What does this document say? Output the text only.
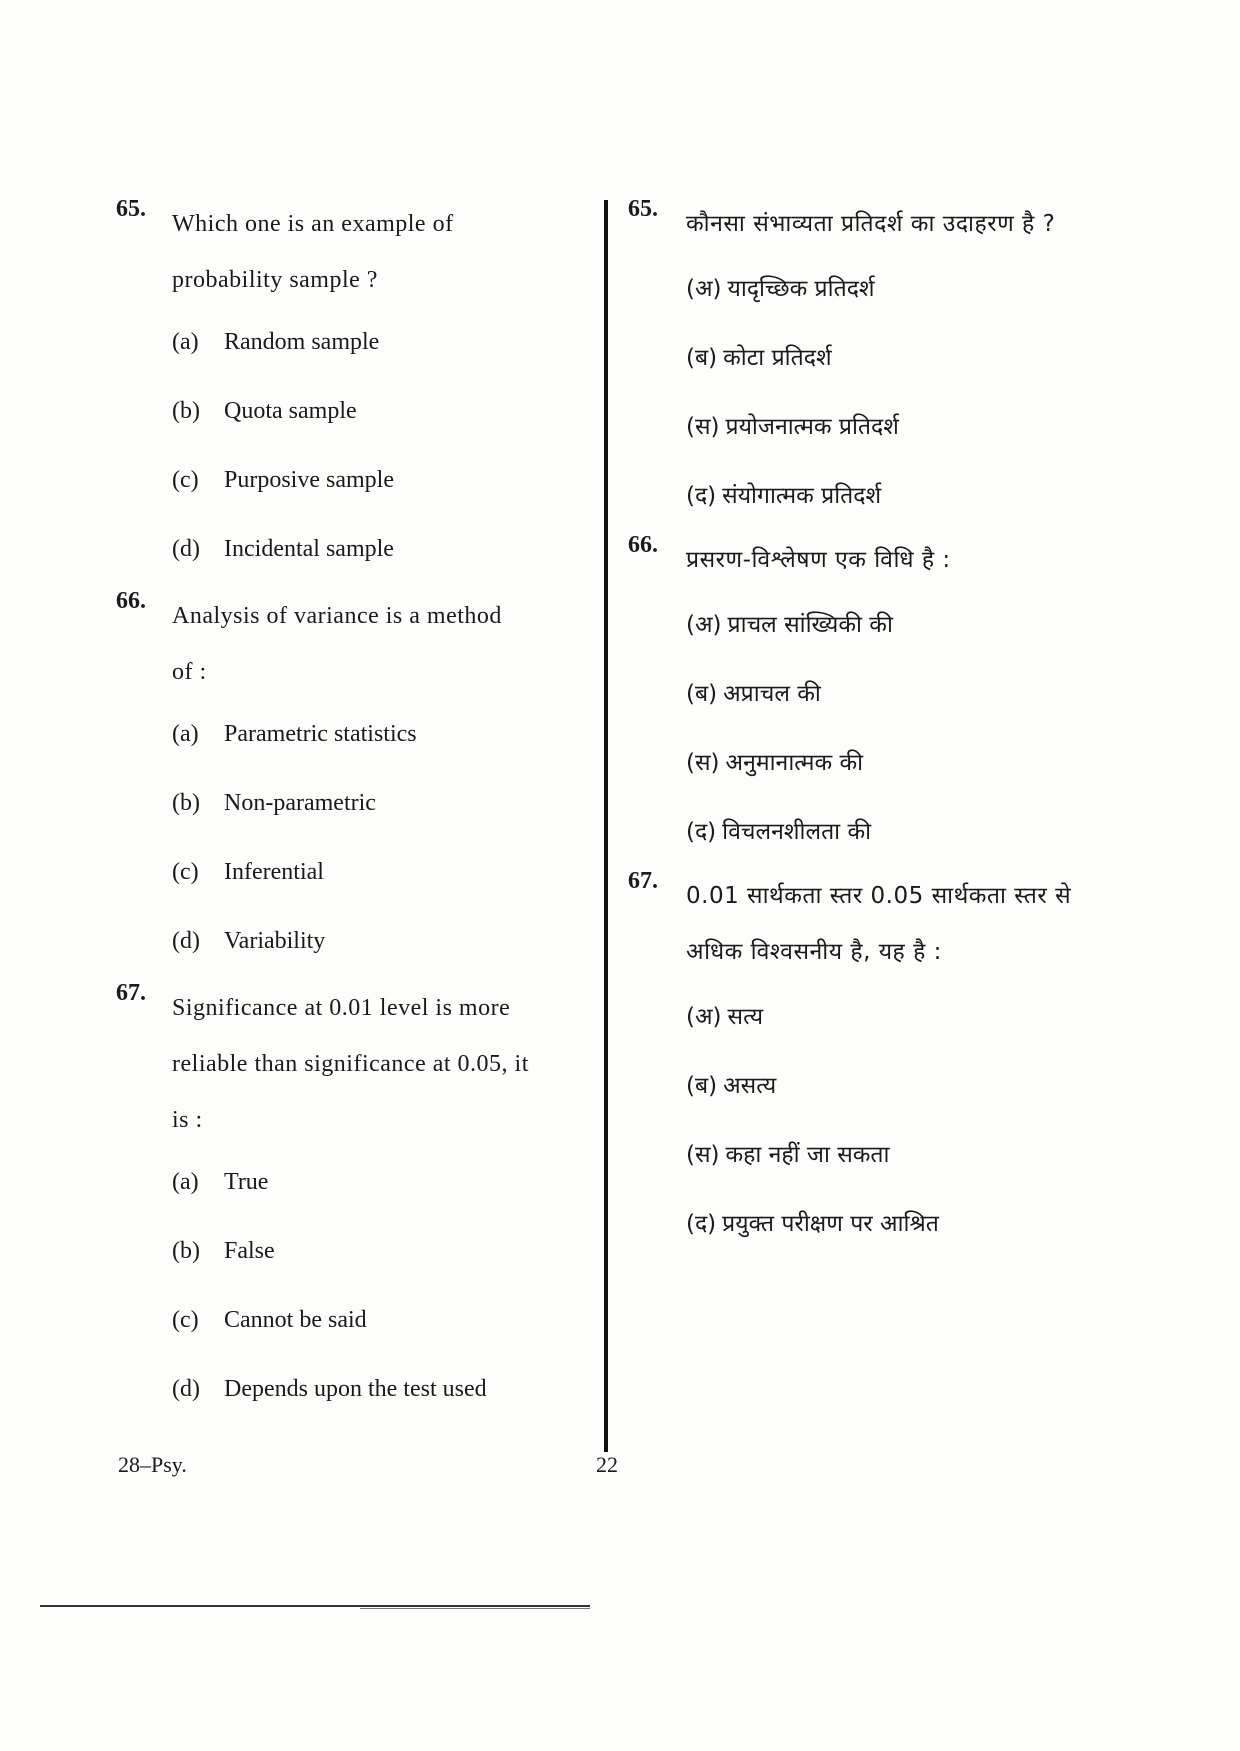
65.
Which one is an example of
probability sample ?
(a)	Random sample
(b)	Quota sample
(c)	Purposive sample
(d)	Incidental sample
66.
Analysis of variance is a method
of :
(a)	Parametric statistics
(b)	Non-parametric
(c)	Inferential
(d)	Variability
67.
Significance at 0.01 level is more
reliable than significance at 0.05, it
is :
(a)	True
(b)	False
(c)	Cannot be said
(d)	Depends upon the test used
65.
कौनसा संभाव्यता प्रतिदर्श का उदाहरण है ?
(अ) यादृच्छिक प्रतिदर्श
(ब) कोटा प्रतिदर्श
(स) प्रयोजनात्मक प्रतिदर्श
(द) संयोगात्मक प्रतिदर्श
66.
प्रसरण-विश्लेषण एक विधि है :
(अ) प्राचल सांख्यिकी की
(ब) अप्राचल की
(स) अनुमानात्मक की
(द) विचलनशीलता की
67.
0.01 सार्थकता स्तर 0.05 सार्थकता स्तर से
अधिक विश्वसनीय है, यह है :
(अ) सत्य
(ब) असत्य
(स) कहा नहीं जा सकता
(द) प्रयुक्त परीक्षण पर आश्रित
28–Psy.	22
